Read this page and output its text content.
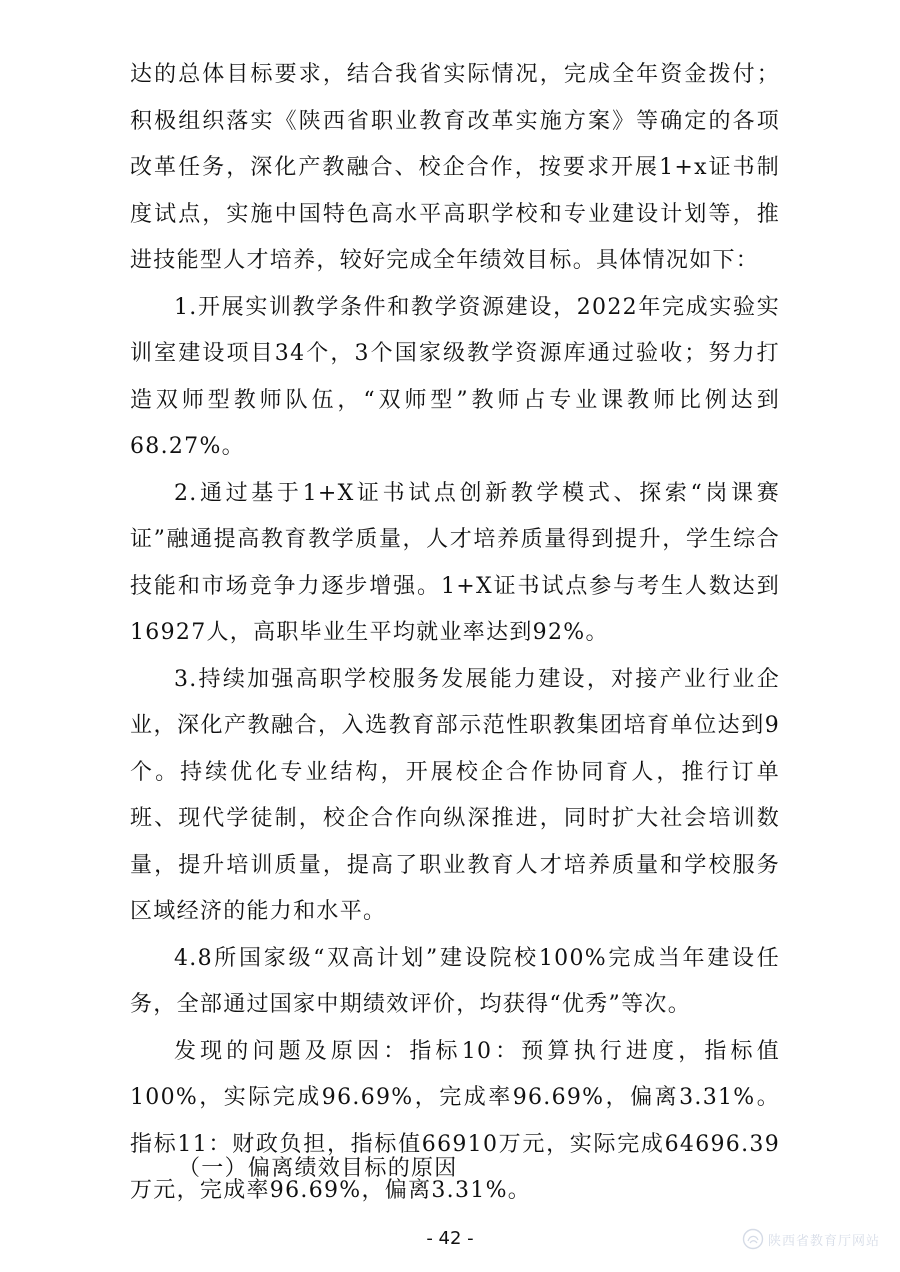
达的总体目标要求，结合我省实际情况，完成全年资金拨付；积极组织落实《陕西省职业教育改革实施方案》等确定的各项改革任务，深化产教融合、校企合作，按要求开展1+x证书制度试点，实施中国特色高水平高职学校和专业建设计划等，推进技能型人才培养，较好完成全年绩效目标。具体情况如下：

1.开展实训教学条件和教学资源建设，2022年完成实验实训室建设项目34个，3个国家级教学资源库通过验收；努力打造双师型教师队伍，“双师型”教师占专业课教师比例达到68.27%。

2.通过基于1+X证书试点创新教学模式、探索“岗课赛证”融通提高教育教学质量，人才培养质量得到提升，学生综合技能和市场竞争力逐步增强。1+X证书试点参与考生人数达到16927人，高职毕业生平均就业率达到92%。

3.持续加强高职学校服务发展能力建设，对接产业行业企业，深化产教融合，入选教育部示范性职教集团培育单位达到9个。持续优化专业结构，开展校企合作协同育人，推行订单班、现代学徒制，校企合作向纵深推进，同时扩大社会培训数量，提升培训质量，提高了职业教育人才培养质量和学校服务区域经济的能力和水平。

4.8所国家级“双高计划”建设院校100%完成当年建设任务，全部通过国家中期绩效评价，均获得“优秀”等次。

发现的问题及原因：指标10：预算执行进度，指标值100%，实际完成96.69%，完成率96.69%，偏离3.31%。指标11：财政负担，指标值66910万元，实际完成64696.39万元，完成率96.69%，偏离3.31%。

（一）偏离绩效目标的原因
- 42 -	陕西省教育厅网站
